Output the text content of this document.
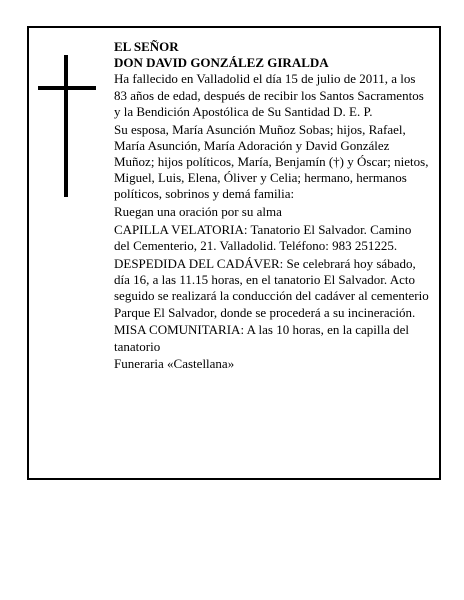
EL SEÑOR
DON DAVID GONZÁLEZ GIRALDA

Ha fallecido en Valladolid el día 15 de julio de 2011, a los 83 años de edad, después de recibir los Santos Sacramentos y la Bendición Apostólica de Su Santidad D. E. P.

Su esposa, María Asunción Muñoz Sobas; hijos, Rafael, María Asunción, María Adoración y David González Muñoz; hijos políticos, María, Benjamín (†) y Óscar; nietos, Miguel, Luis, Elena, Óliver y Celia; hermano, hermanos políticos, sobrinos y demá familia:

Ruegan una oración por su alma

CAPILLA VELATORIA: Tanatorio El Salvador. Camino del Cementerio, 21. Valladolid. Teléfono: 983 251225.

DESPEDIDA DEL CADÁVER: Se celebrará hoy sábado, día 16, a las 11.15 horas, en el tanatorio El Salvador. Acto seguido se realizará la conducción del cadáver al cementerio Parque El Salvador, donde se procederá a su incineración.

MISA COMUNITARIA: A las 10 horas, en la capilla del tanatorio

Funeraria «Castellana»
